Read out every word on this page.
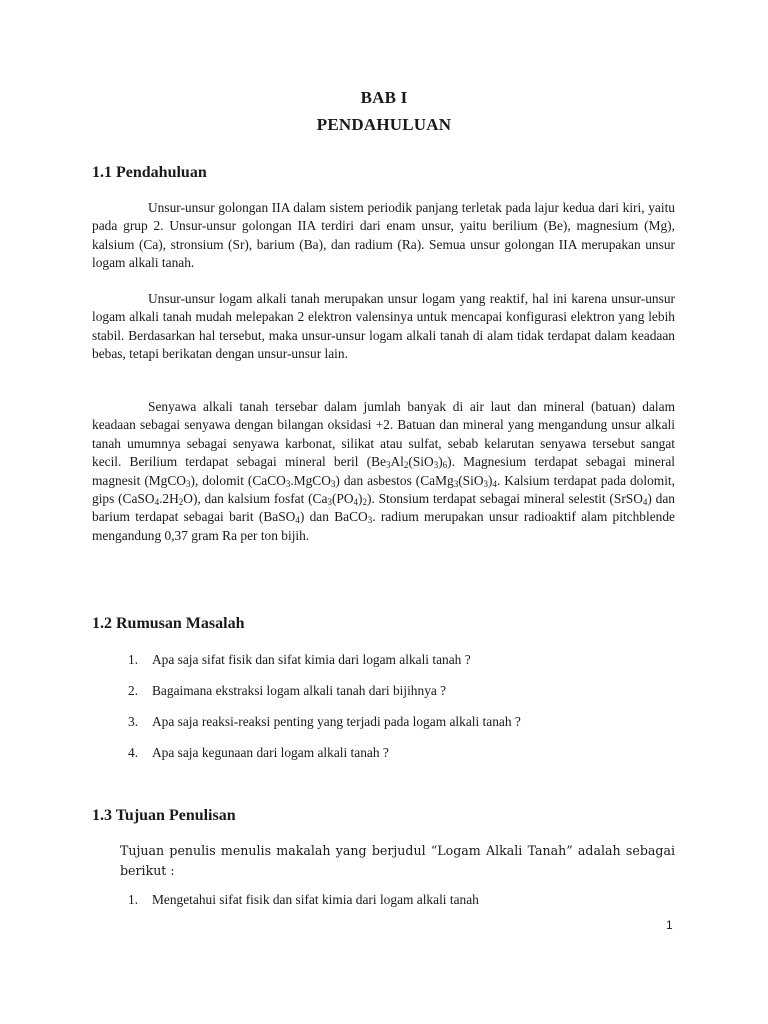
BAB I
PENDAHULUAN
1.1 Pendahuluan

Unsur-unsur golongan IIA dalam sistem periodik panjang terletak pada lajur kedua dari kiri, yaitu pada grup 2. Unsur-unsur golongan IIA terdiri dari enam unsur, yaitu berilium (Be), magnesium (Mg), kalsium (Ca), stronsium (Sr), barium (Ba), dan radium (Ra). Semua unsur golongan IIA merupakan unsur logam alkali tanah.

Unsur-unsur logam alkali tanah merupakan unsur logam yang reaktif, hal ini karena unsur-unsur logam alkali tanah mudah melepakan 2 elektron valensinya untuk mencapai konfigurasi elektron yang lebih stabil. Berdasarkan hal tersebut, maka unsur-unsur logam alkali tanah di alam tidak terdapat dalam keadaan bebas, tetapi berikatan dengan unsur-unsur lain.

Senyawa alkali tanah tersebar dalam jumlah banyak di air laut dan mineral (batuan) dalam keadaan sebagai senyawa dengan bilangan oksidasi +2. Batuan dan mineral yang mengandung unsur alkali tanah umumnya sebagai senyawa karbonat, silikat atau sulfat, sebab kelarutan senyawa tersebut sangat kecil. Berilium terdapat sebagai mineral beril $(Be_3Al_2(SiO_3)_6)$. Magnesium terdapat sebagai mineral magnesit (MgCO$_3$), dolomit (CaCO$_3$.MgCO$_3$) dan asbestos ($CaMg_3(SiO_3)_4$. Kalsium terdapat pada dolomit, gips $(CaSO_4.2H_2O)$, dan kalsium fosfat $(Ca_3(PO_4)_2)$. Stonsium terdapat sebagai mineral selestit (SrSO$_4$) dan barium terdapat sebagai barit (BaSO$_4$) dan BaCO$_3$. radium merupakan unsur radioaktif alam pitchblende mengandung 0,37 gram Ra per ton bijih.

1.2 Rumusan Masalah
1. Apa saja sifat fisik dan sifat kimia dari logam alkali tanah ?
2. Bagaimana ekstraksi logam alkali tanah dari bijihnya ?
3. Apa saja reaksi-reaksi penting yang terjadi pada logam alkali tanah ?
4. Apa saja kegunaan dari logam alkali tanah ?
1.3 Tujuan Penulisan

Tujuan penulis menulis makalah yang berjudul “Logam Alkali Tanah” adalah sebagai berikut :

1. Mengetahui sifat fisik dan sifat kimia dari logam alkali tanah
1
